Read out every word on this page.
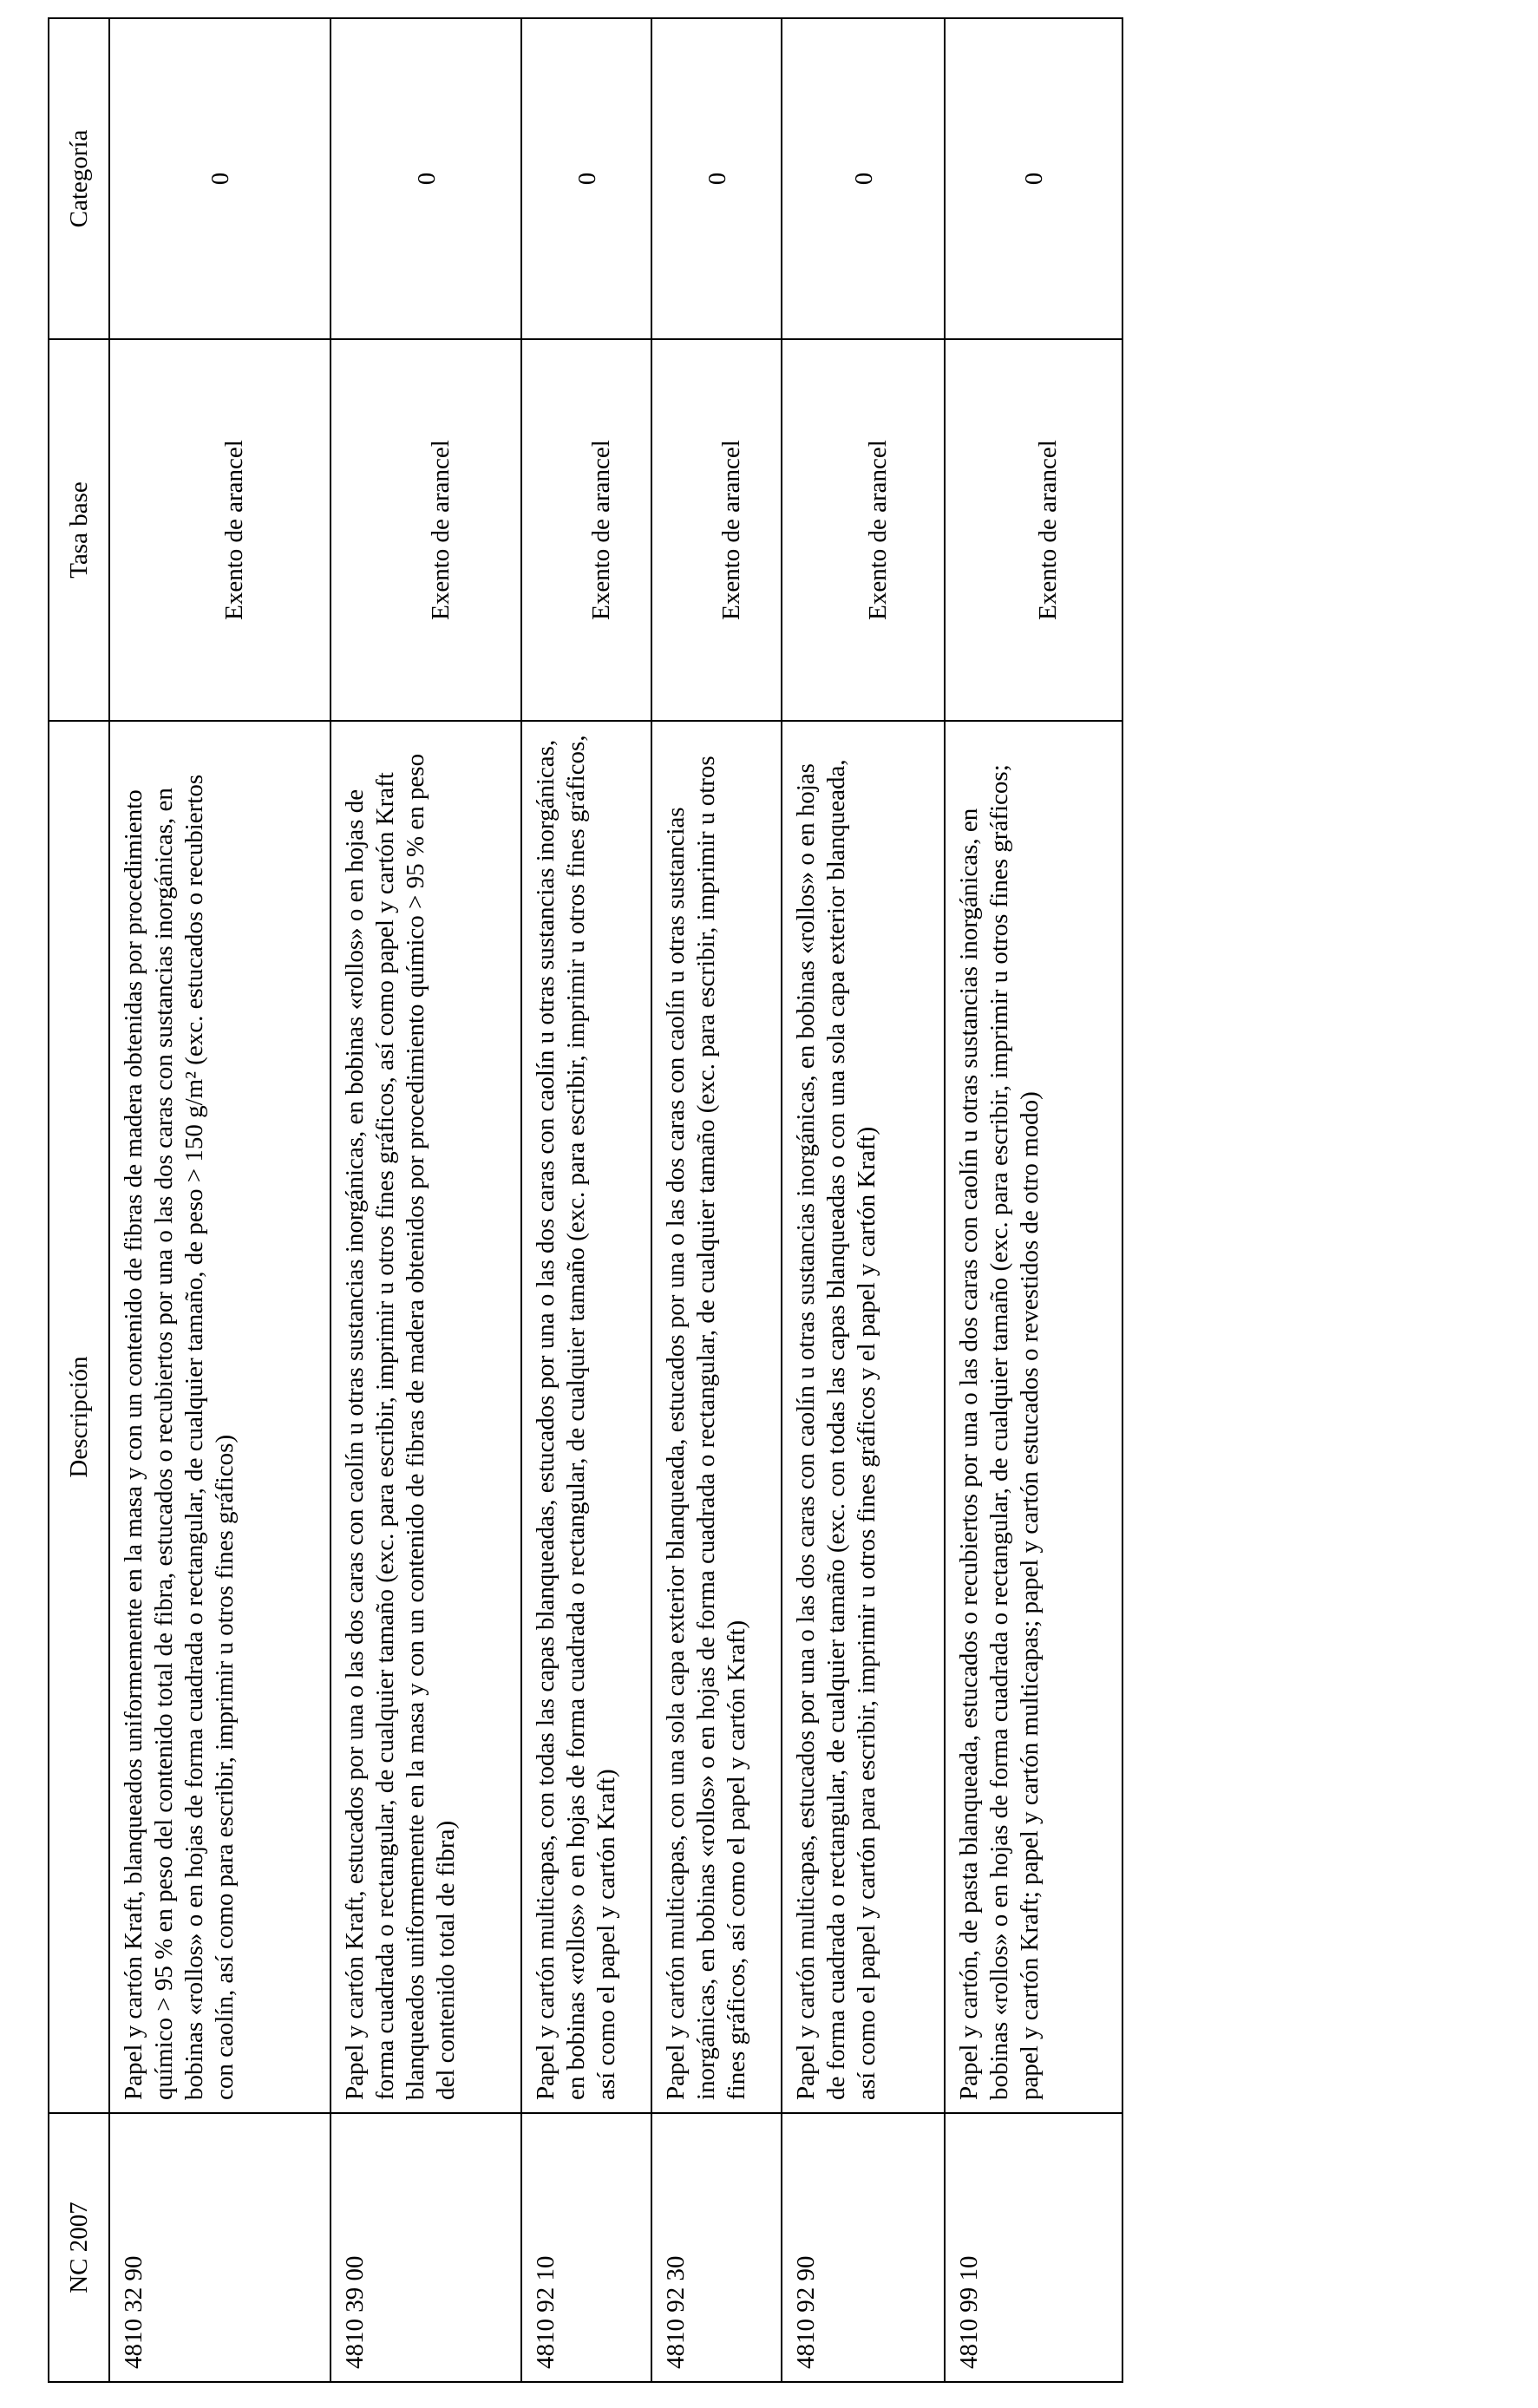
NC 2007	Descripción	Tasa base	Categoría
4810 32 90	Papel y cartón Kraft, blanqueados uniformemente en la masa y con un contenido de fibras de madera obtenidas por procedimiento químico > 95 % en peso del contenido total de fibra, estucados o recubiertos por una o las dos caras con sustancias inorgánicas, en bobinas «rollos» o en hojas de forma cuadrada o rectangular, de cualquier tamaño, de peso > 150 g/m² (exc. estucados o recubiertos con caolín, así como para escribir, imprimir u otros fines gráficos)	Exento de arancel	0
4810 39 00	Papel y cartón Kraft, estucados por una o las dos caras con caolín u otras sustancias inorgánicas, en bobinas «rollos» o en hojas de forma cuadrada o rectangular, de cualquier tamaño (exc. para escribir, imprimir u otros fines gráficos, así como papel y cartón Kraft blanqueados uniformemente en la masa y con un contenido de fibras de madera obtenidos por procedimiento químico > 95 % en peso del contenido total de fibra)	Exento de arancel	0
4810 92 10	Papel y cartón multicapas, con todas las capas blanqueadas, estucados por una o las dos caras con caolín u otras sustancias inorgánicas, en bobinas «rollos» o en hojas de forma cuadrada o rectangular, de cualquier tamaño (exc. para escribir, imprimir u otros fines gráficos, así como el papel y cartón Kraft)	Exento de arancel	0
4810 92 30	Papel y cartón multicapas, con una sola capa exterior blanqueada, estucados por una o las dos caras con caolín u otras sustancias inorgánicas, en bobinas «rollos» o en hojas de forma cuadrada o rectangular, de cualquier tamaño (exc. para escribir, imprimir u otros fines gráficos, así como el papel y cartón Kraft)	Exento de arancel	0
4810 92 90	Papel y cartón multicapas, estucados por una o las dos caras con caolín u otras sustancias inorgánicas, en bobinas «rollos» o en hojas de forma cuadrada o rectangular, de cualquier tamaño (exc. con todas las capas blanqueadas o con una sola capa exterior blanqueada, así como el papel y cartón para escribir, imprimir u otros fines gráficos y el papel y cartón Kraft)	Exento de arancel	0
4810 99 10	Papel y cartón, de pasta blanqueada, estucados o recubiertos por una o las dos caras con caolín u otras sustancias inorgánicas, en bobinas «rollos» o en hojas de forma cuadrada o rectangular, de cualquier tamaño (exc. para escribir, imprimir u otros fines gráficos; papel y cartón Kraft; papel y cartón multicapas; papel y cartón estucados o revestidos de otro modo)	Exento de arancel	0
